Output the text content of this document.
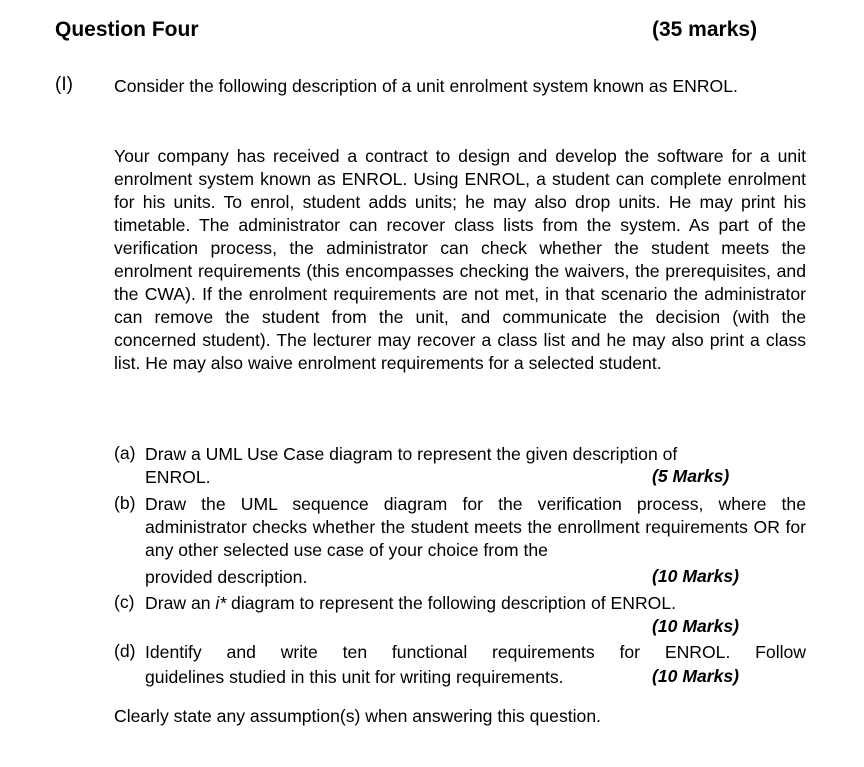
Question Four	(35 marks)
(I) Consider the following description of a unit enrolment system known as ENROL.
Your company has received a contract to design and develop the software for a unit enrolment system known as ENROL. Using ENROL, a student can complete enrolment for his units. To enrol, student adds units; he may also drop units. He may print his timetable. The administrator can recover class lists from the system. As part of the verification process, the administrator can check whether the student meets the enrolment requirements (this encompasses checking the waivers, the prerequisites, and the CWA). If the enrolment requirements are not met, in that scenario the administrator can remove the student from the unit, and communicate the decision (with the concerned student). The lecturer may recover a class list and he may also print a class list. He may also waive enrolment requirements for a selected student.
(a) Draw a UML Use Case diagram to represent the given description of
ENROL.	(5 Marks)
(b) Draw the UML sequence diagram for the verification process, where the administrator checks whether the student meets the enrollment requirements OR for any other selected use case of your choice from the
provided description.	(10 Marks)
(c) Draw an i* diagram to represent the following description of ENROL.
(10 Marks)
(d) Identify and write ten functional requirements for ENROL. Follow
guidelines studied in this unit for writing requirements.	(10 Marks)
Clearly state any assumption(s) when answering this question.
